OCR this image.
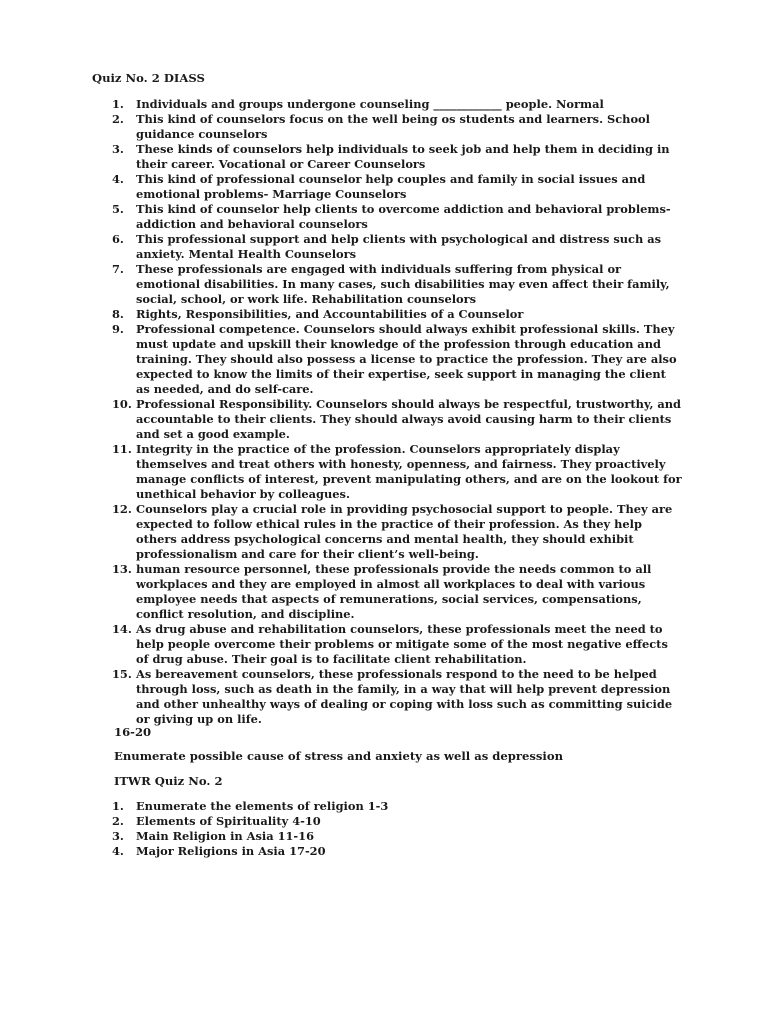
Quiz No. 2 DIASS

1. Individuals and groups undergone counseling ____________ people. Normal
2. This kind of counselors focus on the well being os students and learners. School guidance counselors
3. These kinds of counselors help individuals to seek job and help them in deciding in their career. Vocational or Career Counselors
4. This kind of professional counselor help couples and family in social issues and emotional problems- Marriage Counselors
5. This kind of counselor help clients to overcome addiction and behavioral problems- addiction and behavioral counselors
6. This professional support and help clients with psychological and distress such as anxiety. Mental Health Counselors
7. These professionals are engaged with individuals suffering from physical or emotional disabilities. In many cases, such disabilities may even affect their family, social, school, or work life. Rehabilitation counselors
8. Rights, Responsibilities, and Accountabilities of a Counselor
9. Professional competence. Counselors should always exhibit professional skills. They must update and upskill their knowledge of the profession through education and training. They should also possess a license to practice the profession. They are also expected to know the limits of their expertise, seek support in managing the client as needed, and do self-care.
10. Professional Responsibility. Counselors should always be respectful, trustworthy, and accountable to their clients. They should always avoid causing harm to their clients and set a good example.
11. Integrity in the practice of the profession. Counselors appropriately display themselves and treat others with honesty, openness, and fairness. They proactively manage conflicts of interest, prevent manipulating others, and are on the lookout for unethical behavior by colleagues.
12. Counselors play a crucial role in providing psychosocial support to people. They are expected to follow ethical rules in the practice of their profession. As they help others address psychological concerns and mental health, they should exhibit professionalism and care for their client’s well-being.
13. human resource personnel, these professionals provide the needs common to all workplaces and they are employed in almost all workplaces to deal with various employee needs that aspects of remunerations, social services, compensations, conflict resolution, and discipline.
14. As drug abuse and rehabilitation counselors, these professionals meet the need to help people overcome their problems or mitigate some of the most negative effects of drug abuse. Their goal is to facilitate client rehabilitation.
15. As bereavement counselors, these professionals respond to the need to be helped through loss, such as death in the family, in a way that will help prevent depression and other unhealthy ways of dealing or coping with loss such as committing suicide or giving up on life.

16-20

Enumerate possible cause of stress and anxiety as well as depression

ITWR Quiz No. 2

1. Enumerate the elements of religion 1-3
2. Elements of Spirituality 4-10
3. Main Religion in Asia 11-16
4. Major Religions in Asia 17-20
